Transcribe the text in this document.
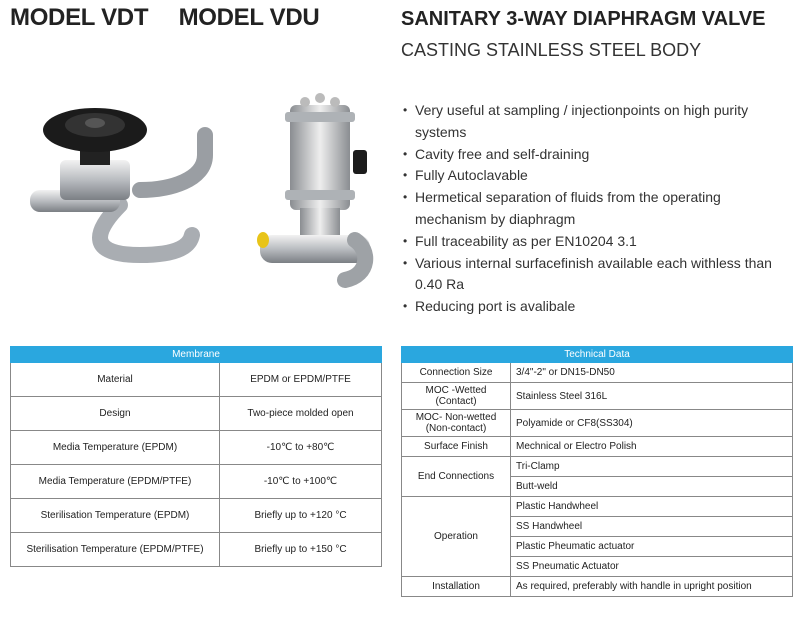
MODEL VDT MODEL VDU	SANITARY 3-WAY DIAPHRAGM VALVE
CASTING STAINLESS STEEL BODY
• Very useful at sampling / injectionpoints on high purity systems
• Cavity free and self-draining
• Fully Autoclavable
• Hermetical separation of fluids from the operating mechanism by diaphragm
• Full traceability as per EN10204 3.1
• Various internal surfacefinish available each withless than 0.40 Ra
• Reducing port is avalibale
Membrane	
Material	EPDM or EPDM/PTFE
Design	Two-piece molded open
Media Temperature (EPDM)	-10℃ to +80℃
Media Temperature (EPDM/PTFE)	-10℃ to +100℃
Sterilisation Temperature (EPDM)	Briefly up to +120 °C
Sterilisation Temperature (EPDM/PTFE)	Briefly up to +150 °C
Technical Data	
Connection Size	3/4"-2" or DN15-DN50
MOC -Wetted (Contact)	Stainless Steel 316L
MOC- Non-wetted (Non-contact)	Polyamide or CF8(SS304)
Surface Finish	Mechnical or Electro Polish
End Connections	Tri-Clamp
	Butt-weld
Operation	Plastic Handwheel
	SS Handwheel
	Plastic Pheumatic actuator
	SS Pneumatic Actuator
Installation	As required, preferably with handle in upright position
